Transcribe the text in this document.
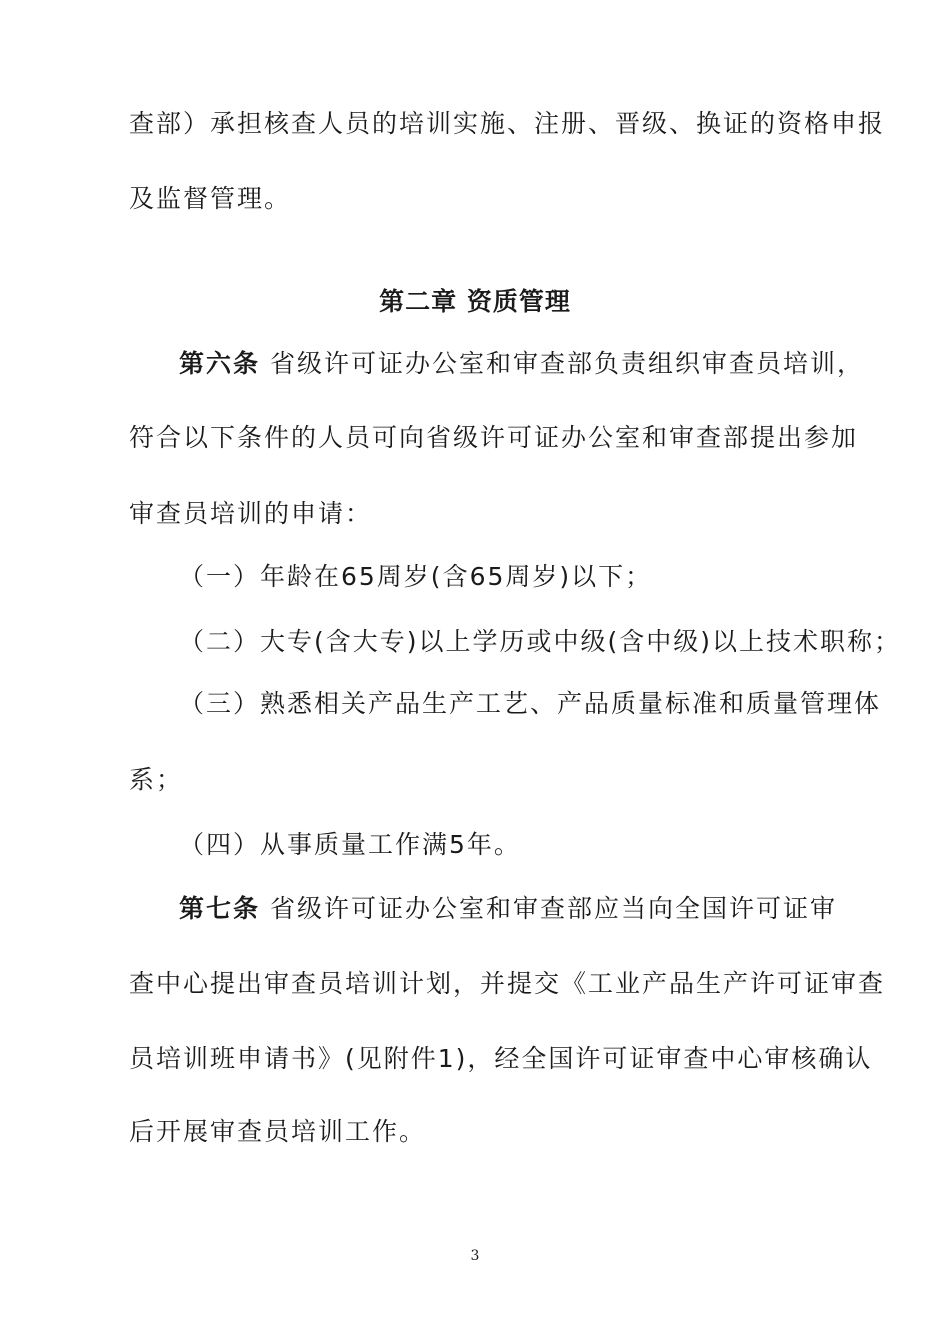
查部）承担核查人员的培训实施、注册、晋级、换证的资格申报
及监督管理。
第二章 资质管理
第六条 省级许可证办公室和审查部负责组织审查员培训，
符合以下条件的人员可向省级许可证办公室和审查部提出参加
审查员培训的申请：
（一）年龄在65周岁(含65周岁)以下；
（二）大专(含大专)以上学历或中级(含中级)以上技术职称；
（三）熟悉相关产品生产工艺、产品质量标准和质量管理体
系；
（四）从事质量工作满5年。
第七条 省级许可证办公室和审查部应当向全国许可证审
查中心提出审查员培训计划，并提交《工业产品生产许可证审查
员培训班申请书》(见附件1)，经全国许可证审查中心审核确认
后开展审查员培训工作。
3
